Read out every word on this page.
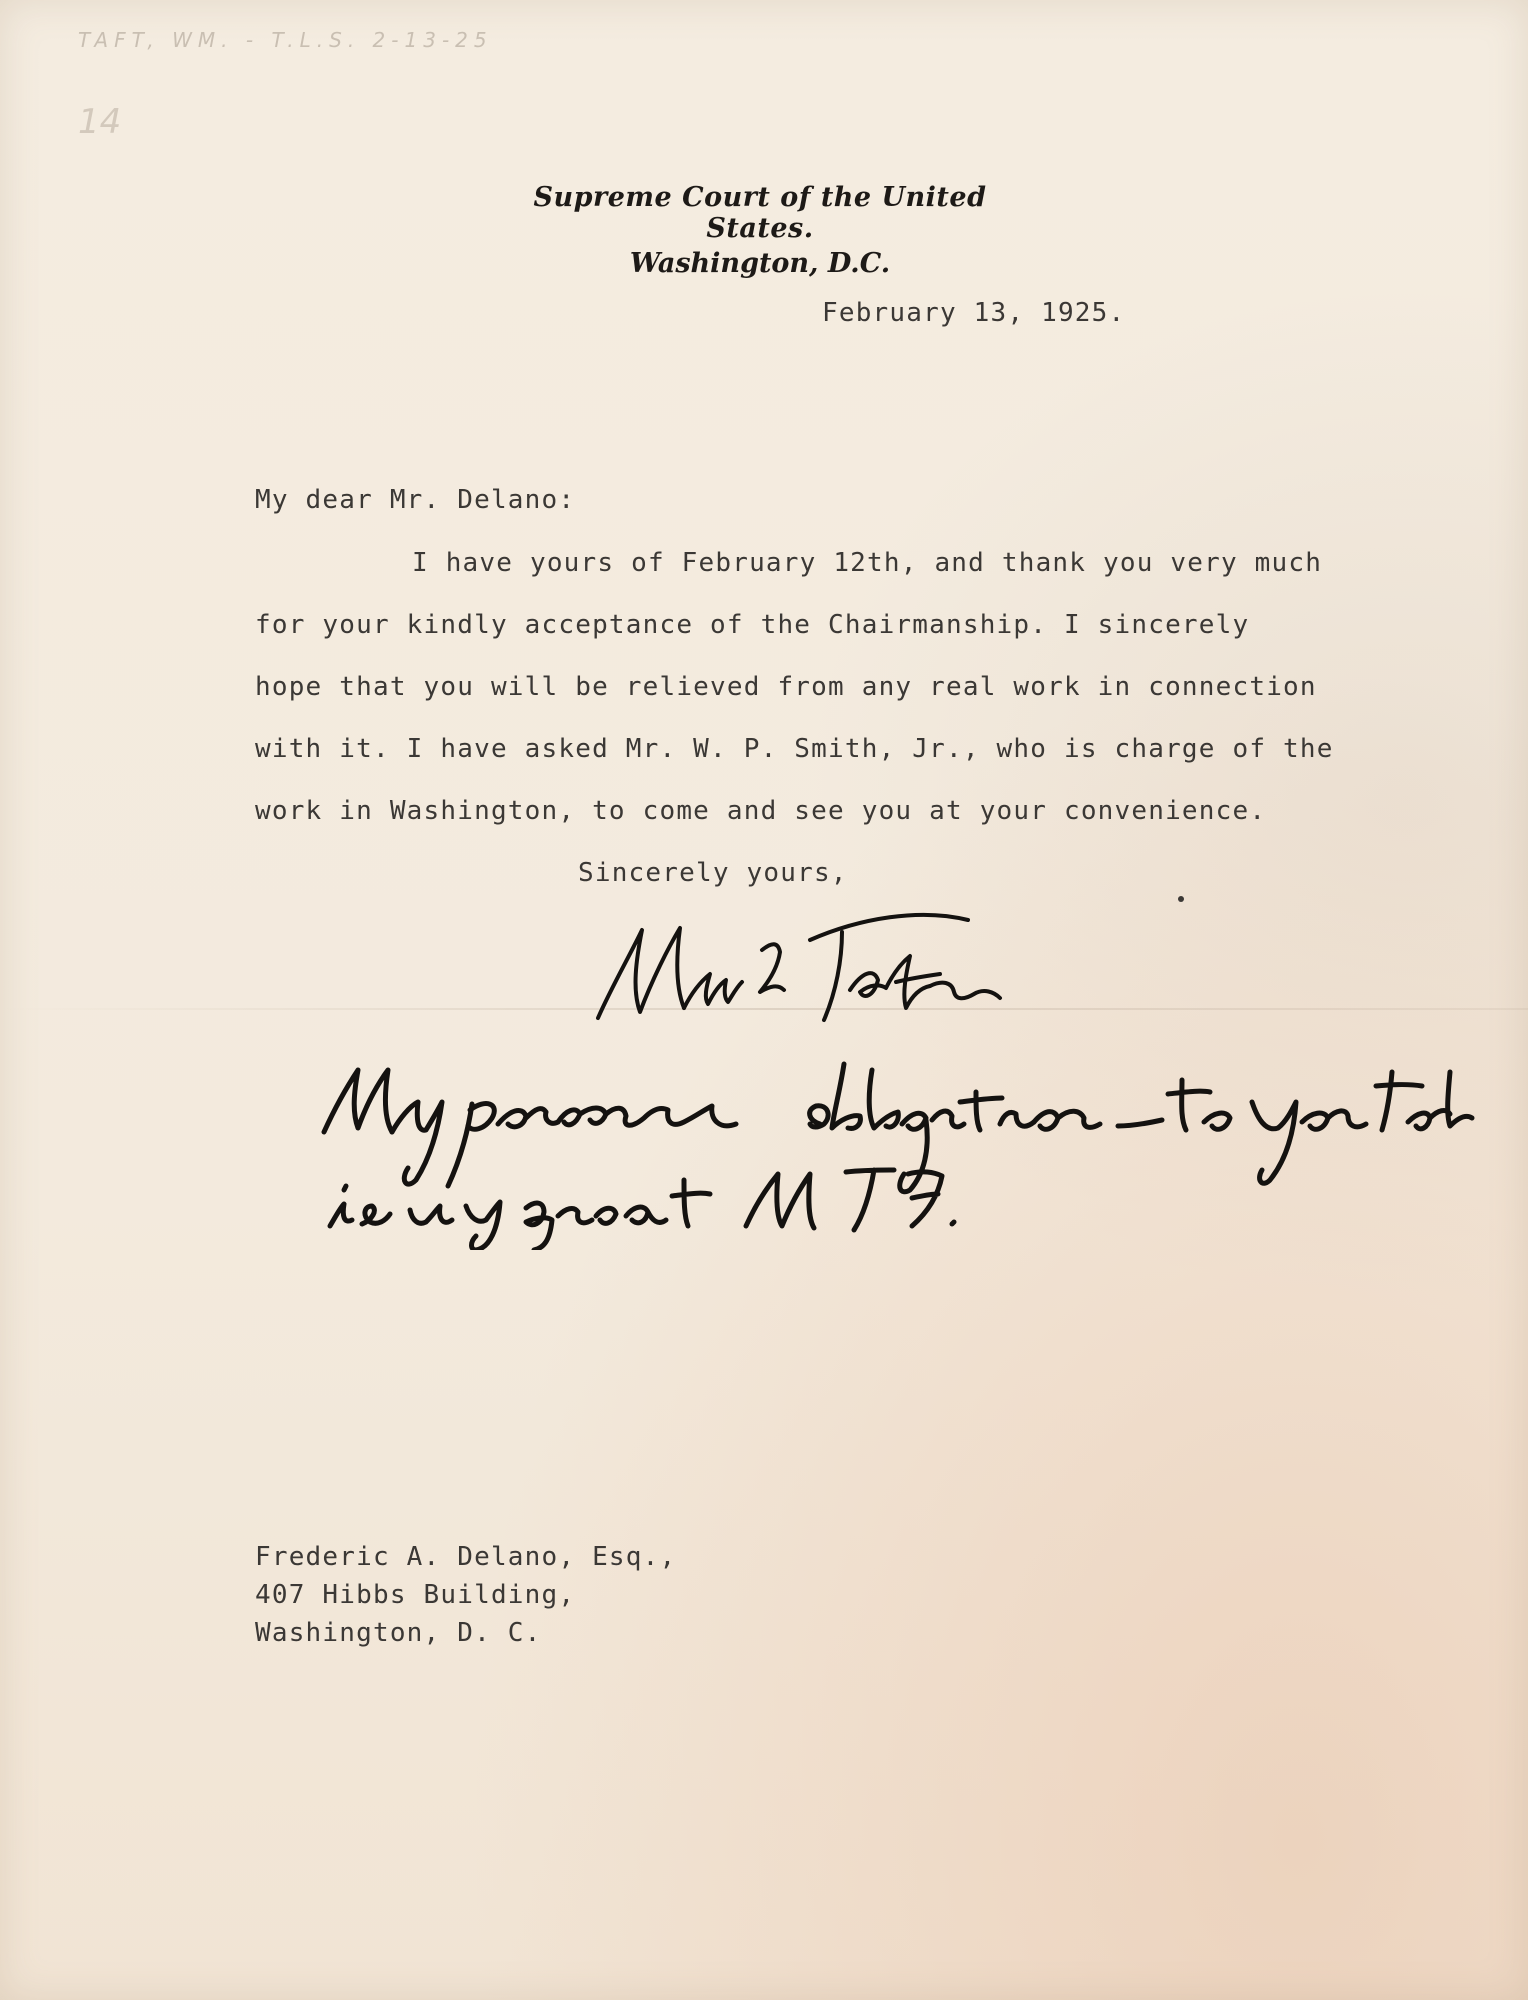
TAFT, WM. - T.L.S. 2-13-25
14
Supreme Court of the United States.
Washington, D.C.
February 13, 1925.
My dear Mr. Delano:
I have yours of February 12th, and thank you very much
for your kindly acceptance of the Chairmanship. I sincerely
hope that you will be relieved from any real work in connection
with it. I have asked Mr. W. P. Smith, Jr., who is charge of the
work in Washington, to come and see you at your convenience.
Sincerely yours,
Frederic A. Delano, Esq.,
407 Hibbs Building,
Washington, D. C.
